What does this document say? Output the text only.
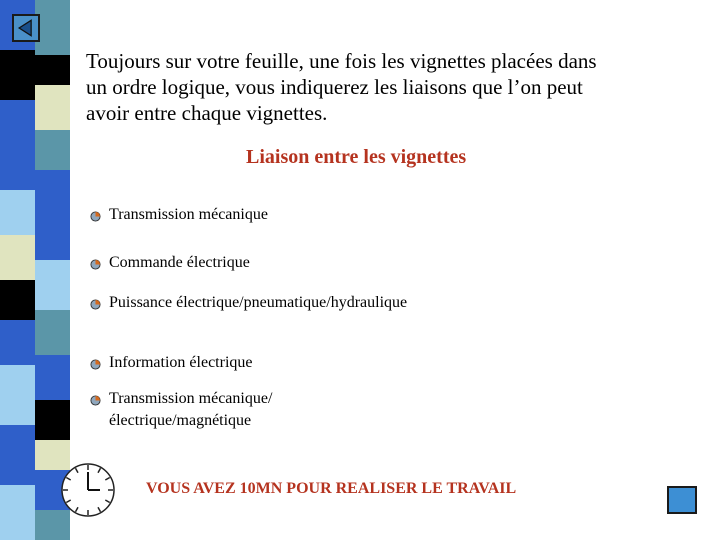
Toujours sur votre feuille, une fois les vignettes placées dans un ordre logique, vous indiquerez les liaisons que l’on peut avoir entre chaque vignettes.
Liaison entre les vignettes
Transmission mécanique
Commande électrique
Puissance électrique/pneumatique/hydraulique
Information électrique
Transmission mécanique/électrique/magnétique
VOUS AVEZ 10MN POUR REALISER LE TRAVAIL
